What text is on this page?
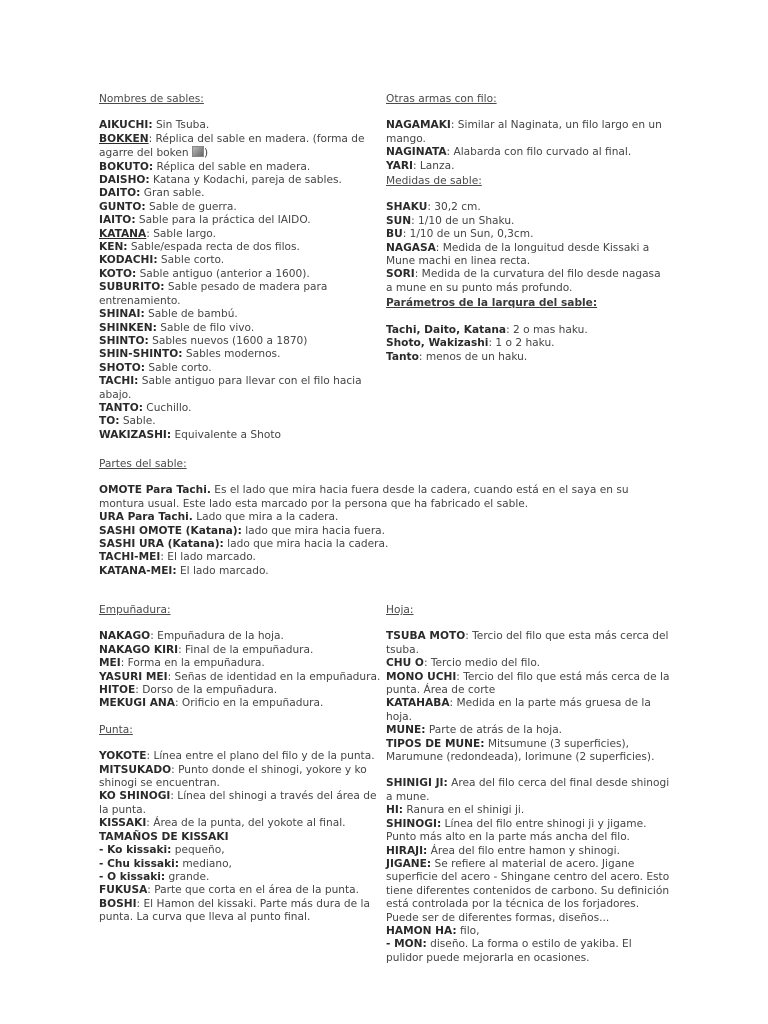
Nombres de sables:

AIKUCHI: Sin Tsuba.

BOKKEN: Réplica del sable en madera. (forma de agarre del boken )

BOKUTO: Réplica del sable en madera.

DAISHO: Katana y Kodachi, pareja de sables.

DAITO: Gran sable.

GUNTO: Sable de guerra.

IAITO: Sable para la práctica del IAIDO.

KATANA: Sable largo.

KEN: Sable/espada recta de dos filos.

KODACHI: Sable corto.

KOTO: Sable antiguo (anterior a 1600).

SUBURITO: Sable pesado de madera para entrenamiento.

SHINAI: Sable de bambú.

SHINKEN: Sable de filo vivo.

SHINTO: Sables nuevos (1600 a 1870)

SHIN-SHINTO: Sables modernos.

SHOTO: Sable corto.

TACHI: Sable antiguo para llevar con el filo hacia abajo.

TANTO: Cuchillo.

TO: Sable.

WAKIZASHI: Equivalente a Shoto

Otras armas con filo:

NAGAMAKI: Similar al Naginata, un filo largo en un mango.

NAGINATA: Alabarda con filo curvado al final.

YARI: Lanza.

Medidas de sable:

SHAKU: 30,2 cm.

SUN: 1/10 de un Shaku.

BU: 1/10 de un Sun, 0,3cm.

NAGASA: Medida de la longuitud desde Kissaki a Mune machi en linea recta.

SORI: Medida de la curvatura del filo desde nagasa a mune en su punto más profundo.

Parámetros de la larqura del sable:

Tachi, Daito, Katana: 2 o mas haku.

Shoto, Wakizashi: 1 o 2 haku.

Tanto: menos de un haku.

Partes del sable:

OMOTE Para Tachi. Es el lado que mira hacia fuera desde la cadera, cuando está en el saya en su montura usual. Este lado esta marcado por la persona que ha fabricado el sable.

URA Para Tachi. Lado que mira a la cadera.

SASHI OMOTE (Katana): lado que mira hacia fuera.

SASHI URA (Katana): lado que mira hacia la cadera.

TACHI-MEI: El lado marcado.

KATANA-MEI: El lado marcado.

Empuñadura:

NAKAGO: Empuñadura de la hoja.

NAKAGO KIRI: Final de la empuñadura.

MEI: Forma en la empuñadura.

YASURI MEI: Señas de identidad en la empuñadura.

HITOE: Dorso de la empuñadura.

MEKUGI ANA: Orificio en la empuñadura.

Punta:

YOKOTE: Línea entre el plano del filo y de la punta.

MITSUKADO: Punto donde el shinogi, yokore y ko shinogi se encuentran.

KO SHINOGI: Línea del shinogi a través del área de la punta.

KISSAKI: Área de la punta, del yokote al final.

TAMAÑOS DE KISSAKI

- Ko kissaki: pequeño,

- Chu kissaki: mediano,

- O kissaki: grande.

FUKUSA: Parte que corta en el área de la punta.

BOSHI: El Hamon del kissaki. Parte más dura de la punta. La curva que lleva al punto final.

Hoja:

TSUBA MOTO: Tercio del filo que esta más cerca del tsuba.

CHU O: Tercio medio del filo.

MONO UCHI: Tercio del filo que está más cerca de la punta. Área de corte

KATAHABA: Medida en la parte más gruesa de la hoja.

MUNE: Parte de atrás de la hoja.

TIPOS DE MUNE: Mitsumune (3 superficies), Marumune (redondeada), Iorimune (2 superficies).

SHINIGI JI: Area del filo cerca del final desde shinogi a mune.

HI: Ranura en el shinigi ji.

SHINOGI: Línea del filo entre shinogi ji y jigame. Punto más alto en la parte más ancha del filo.

HIRAJI: Área del filo entre hamon y shinogi.

JIGANE: Se refiere al material de acero. Jigane superficie del acero - Shingane centro del acero. Esto tiene diferentes contenidos de carbono. Su definición está controlada por la técnica de los forjadores. Puede ser de diferentes formas, diseños...

HAMON HA: filo,

- MON: diseño. La forma o estilo de yakiba. El pulidor puede mejorarla en ocasiones.
